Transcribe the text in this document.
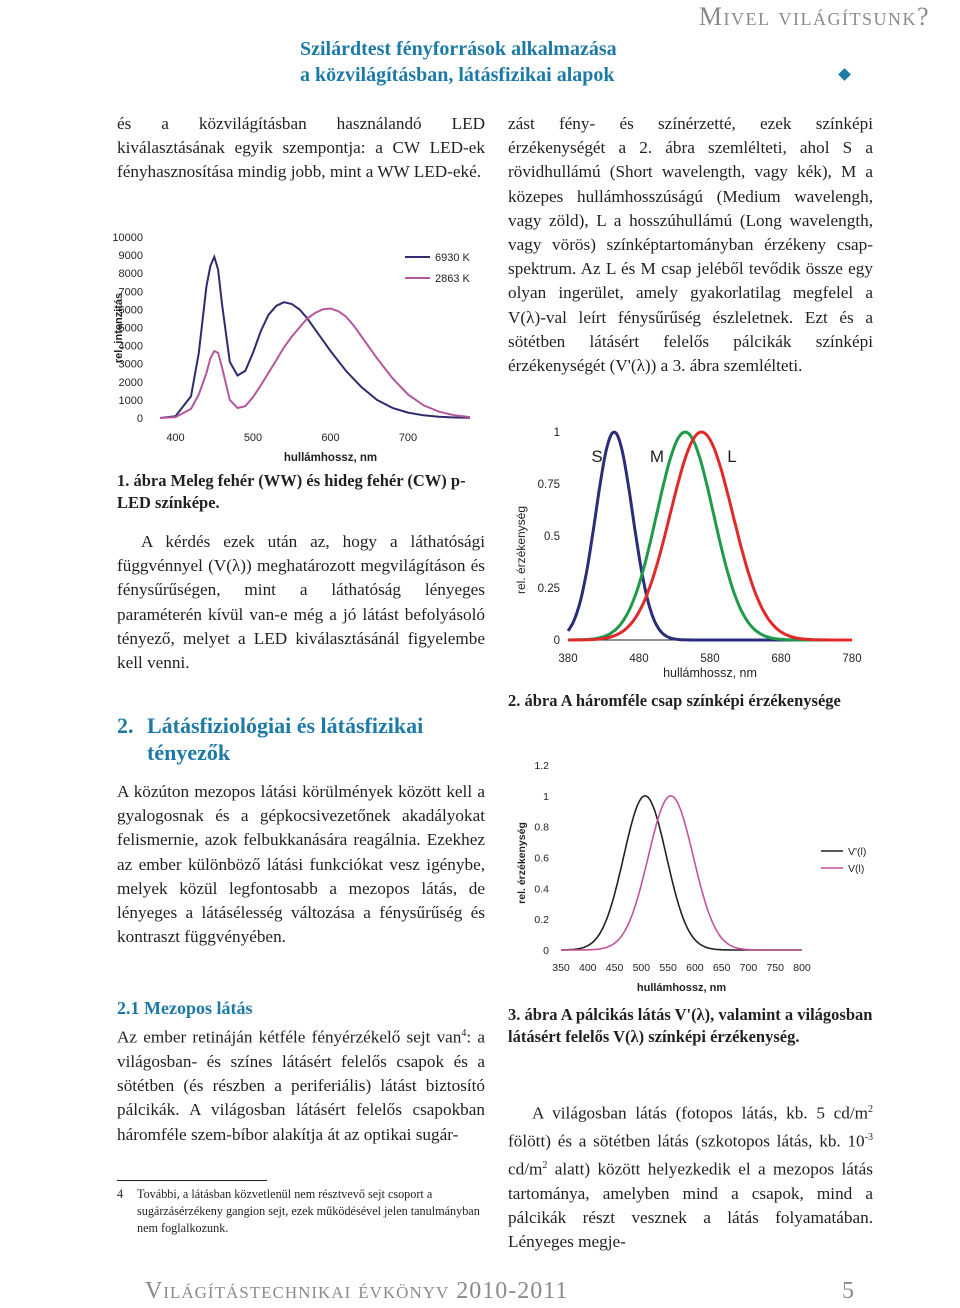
Mivel világítsunk?
Szilárdtest fényforrások alkalmazása
a közvilágításban, látásfizikai alapok

és a közvilágításban használandó LED kiválasztásának egyik szempontja: a CW LED-ek fényhasznosítása mindig jobb, mint a WW LED-eké.

0
1000
2000
3000
4000
5000
6000
7000
8000
9000
10000
400	500	600	700
hullámhossz, nm
rel. intenzitás
6930 K
2863 K
1. ábra Meleg fehér (WW) és hideg fehér (CW) p-LED színképe.

A kérdés ezek után az, hogy a láthatósági függvénnyel (V(λ)) meghatározott megvilágításon és fénysűrűségen, mint a láthatóság lényeges paraméterén kívül van-e még a jó látást befolyásoló tényező, melyet a LED kiválasztásánál figyelembe kell venni.

2. Látásfiziológiai és látásfizikai
tényezők

A közúton mezopos látási körülmények között kell a gyalogosnak és a gépkocsivezetőnek akadályokat felismernie, azok felbukkanására reagálnia. Ezekhez az ember különböző látási funkciókat vesz igénybe, melyek közül legfontosabb a mezopos látás, de lényeges a látásélesség változása a fénysűrűség és kontraszt függvényében.

2.1 Mezopos látás

Az ember retináján kétféle fényérzékelő sejt van$^4$: a világosban- és színes látásért felelős csapok és a sötétben (és részben a periferiális) látást biztosító pálcikák. A világosban látásért felelős csapokban háromféle szem-bíbor alakítja át az optikai sugár-

4	További, a látásban közvetlenül nem résztvevő sejt csoport a sugárzásérzékeny gangion sejt, ezek működésével jelen tanulmányban nem foglalkozunk.

zást fény- és színérzetté, ezek színképi érzékenységét a 2. ábra szemlélteti, ahol S a rövidhullámú (Short wavelength, vagy kék), M a közepes hullámhosszúságú (Medium wavelengh, vagy zöld), L a hosszúhullámú (Long wavelength, vagy vörös) színképtartományban érzékeny csap-spektrum. Az L és M csap jeléből tevődik össze egy olyan ingerület, amely gyakorlatilag megfelel a V(λ)-val leírt fénysűrűség észleletnek. Ezt és a sötétben látásért felelős pálcikák színképi érzékenységét (V'(λ)) a 3. ábra szemlélteti.

0
0.25
0.5
0.75
1
380	480	580	680	780
hullámhossz, nm
rel. érzékenység
S	M	L
2. ábra A háromféle csap színképi érzékenysége
0
0.2
0.4
0.6
0.8
1
1.2
350 400 450 500 550 600 650 700 750 800
hullámhossz, nm
rel. érzékenység	V'(l)
V(l)
3. ábra A pálcikás látás V'(λ), valamint a világosban látásért felelős V(λ) színképi érzékenység.

A világosban látás (fotopos látás, kb. 5 $cd/m^2$ fölött) és a sötétben látás (szkotopos látás, kb. $10^{-3}$ $cd/m^2$ alatt) között helyezkedik el a mezopos látás tartománya, amelyben mind a csapok, mind a pálcikák részt vesznek a látás folyamatában. Lényeges megje-

Világítástechnikai évkönyv 2010-2011	5
